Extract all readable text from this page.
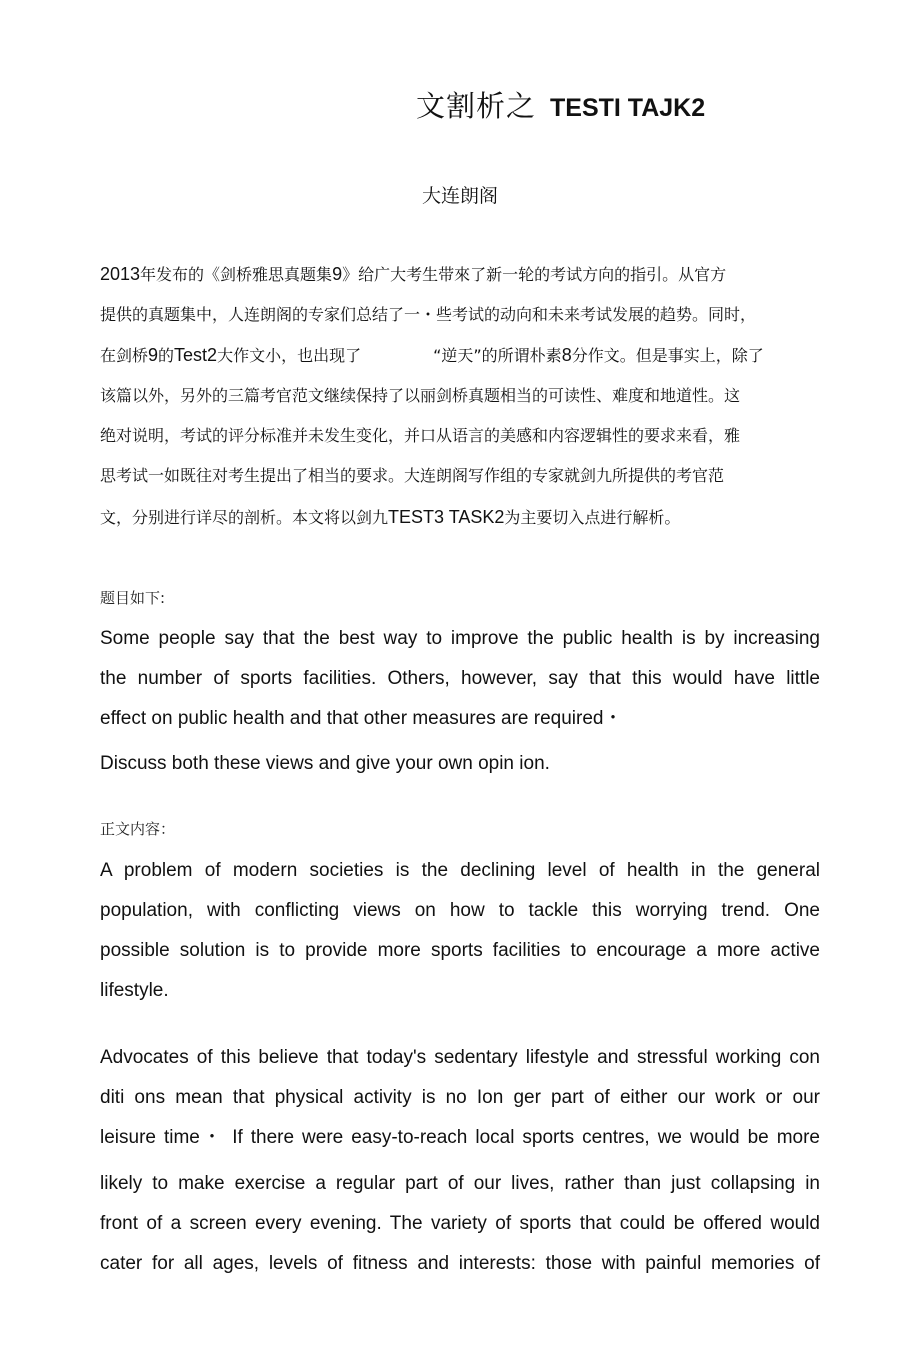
文割析之 TESTI TAJK2
大连朗阁
2013年发布的《剑桥雅思真题集9》给广大考生带來了新一轮的考试方向的指引。从官方
提供的真题集中，人连朗阁的专家们总结了一・些考试的动向和未来考试发展的趋势。同时，
在剑桥9的Test2大作文小，也出现了	“逆天”的所谓朴素8分作文。但是事实上，除了
该篇以外，另外的三篇考官范文继续保持了以丽剑桥真题相当的可读性、难度和地道性。这
绝对说明，考试的评分标准并未发生变化，并口从语言的美感和内容逻辑性的要求来看，雅
思考试一如既往对考生提出了相当的要求。大连朗阁写作组的专家就剑九所提供的考官范
文，分别进行详尽的剖析。本文将以剑九TEST3 TASK2为主要切入点进行解析。
题目如下:
Some people say that the best way to improve the public health is by increasing
the number of sports facilities. Others, however, say that this would have little
effect on public health and that other measures are required・
Discuss both these views and give your own opin ion.
正文内容：
A problem of modern societies is the declining level of health in the general
population, with conflicting views on how to tackle this worrying trend. One
possible solution is to provide more sports facilities to encourage a more active
lifestyle.
Advocates of this believe that today's sedentary lifestyle and stressful working con
diti ons mean that physical activity is no Ion ger part of either our work or our
leisure time・ If there were easy-to-reach local sports centres, we would be more
likely to make exercise a regular part of our lives, rather than just collapsing in
front of a screen every evening. The variety of sports that could be offered would
cater for all ages, levels of fitness and interests: those with painful memories of
